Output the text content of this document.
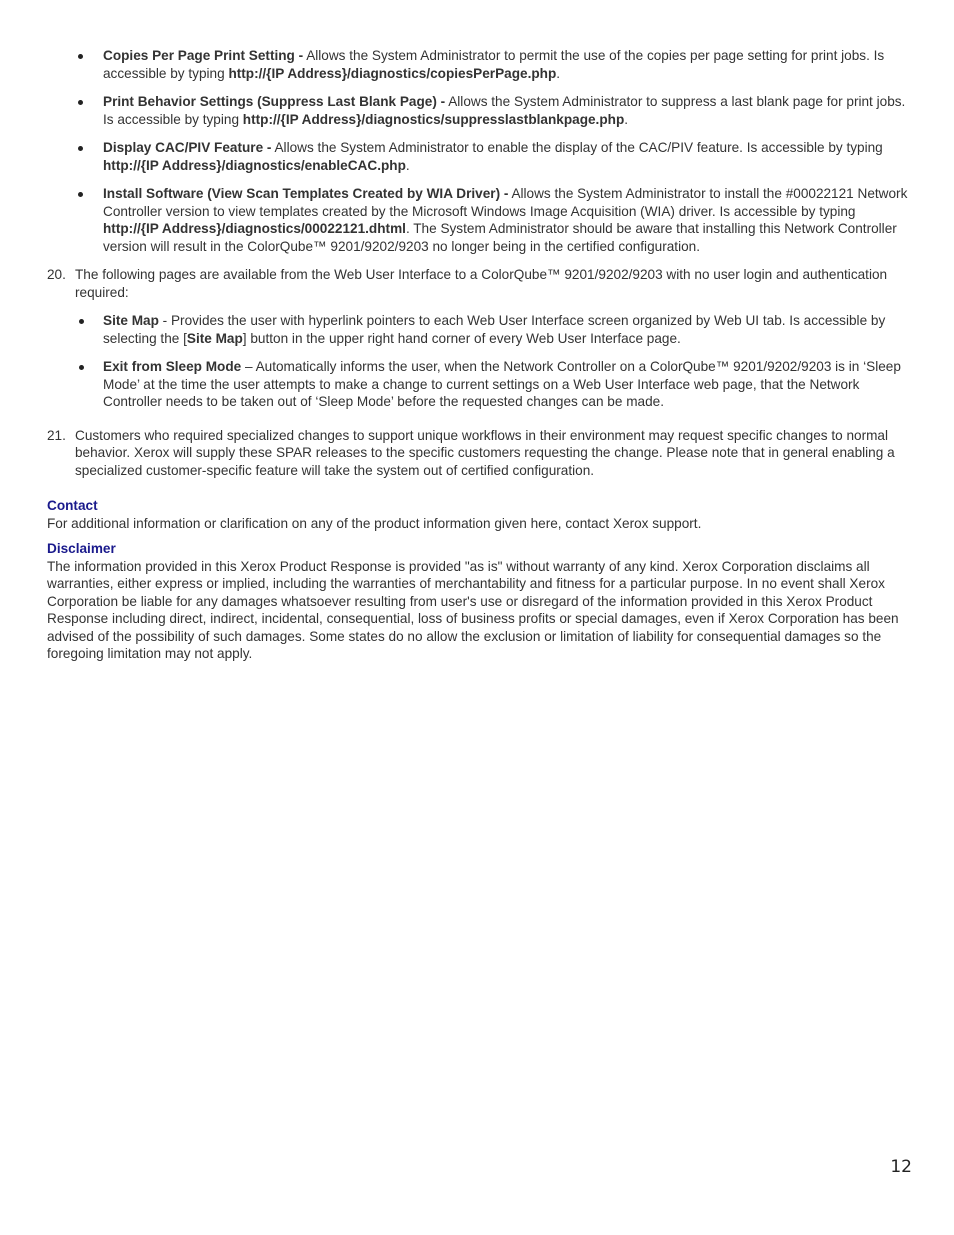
Copies Per Page Print Setting - Allows the System Administrator to permit the use of the copies per page setting for print jobs. Is accessible by typing http://{IP Address}/diagnostics/copiesPerPage.php.
Print Behavior Settings (Suppress Last Blank Page) - Allows the System Administrator to suppress a last blank page for print jobs. Is accessible by typing http://{IP Address}/diagnostics/suppresslastblankpage.php.
Display CAC/PIV Feature - Allows the System Administrator to enable the display of the CAC/PIV feature. Is accessible by typing http://{IP Address}/diagnostics/enableCAC.php.
Install Software (View Scan Templates Created by WIA Driver) - Allows the System Administrator to install the #00022121 Network Controller version to view templates created by the Microsoft Windows Image Acquisition (WIA) driver. Is accessible by typing http://{IP Address}/diagnostics/00022121.dhtml. The System Administrator should be aware that installing this Network Controller version will result in the ColorQube™ 9201/9202/9203 no longer being in the certified configuration.
20. The following pages are available from the Web User Interface to a ColorQube™ 9201/9202/9203 with no user login and authentication required:
Site Map - Provides the user with hyperlink pointers to each Web User Interface screen organized by Web UI tab. Is accessible by selecting the [Site Map] button in the upper right hand corner of every Web User Interface page.
Exit from Sleep Mode – Automatically informs the user, when the Network Controller on a ColorQube™ 9201/9202/9203 is in ‘Sleep Mode’ at the time the user attempts to make a change to current settings on a Web User Interface web page, that the Network Controller needs to be taken out of ‘Sleep Mode’ before the requested changes can be made.
21. Customers who required specialized changes to support unique workflows in their environment may request specific changes to normal behavior. Xerox will supply these SPAR releases to the specific customers requesting the change. Please note that in general enabling a specialized customer-specific feature will take the system out of certified configuration.
Contact

For additional information or clarification on any of the product information given here, contact Xerox support.

Disclaimer

The information provided in this Xerox Product Response is provided "as is" without warranty of any kind. Xerox Corporation disclaims all warranties, either express or implied, including the warranties of merchantability and fitness for a particular purpose. In no event shall Xerox Corporation be liable for any damages whatsoever resulting from user's use or disregard of the information provided in this Xerox Product Response including direct, indirect, incidental, consequential, loss of business profits or special damages, even if Xerox Corporation has been advised of the possibility of such damages. Some states do no allow the exclusion or limitation of liability for consequential damages so the foregoing limitation may not apply.

12
